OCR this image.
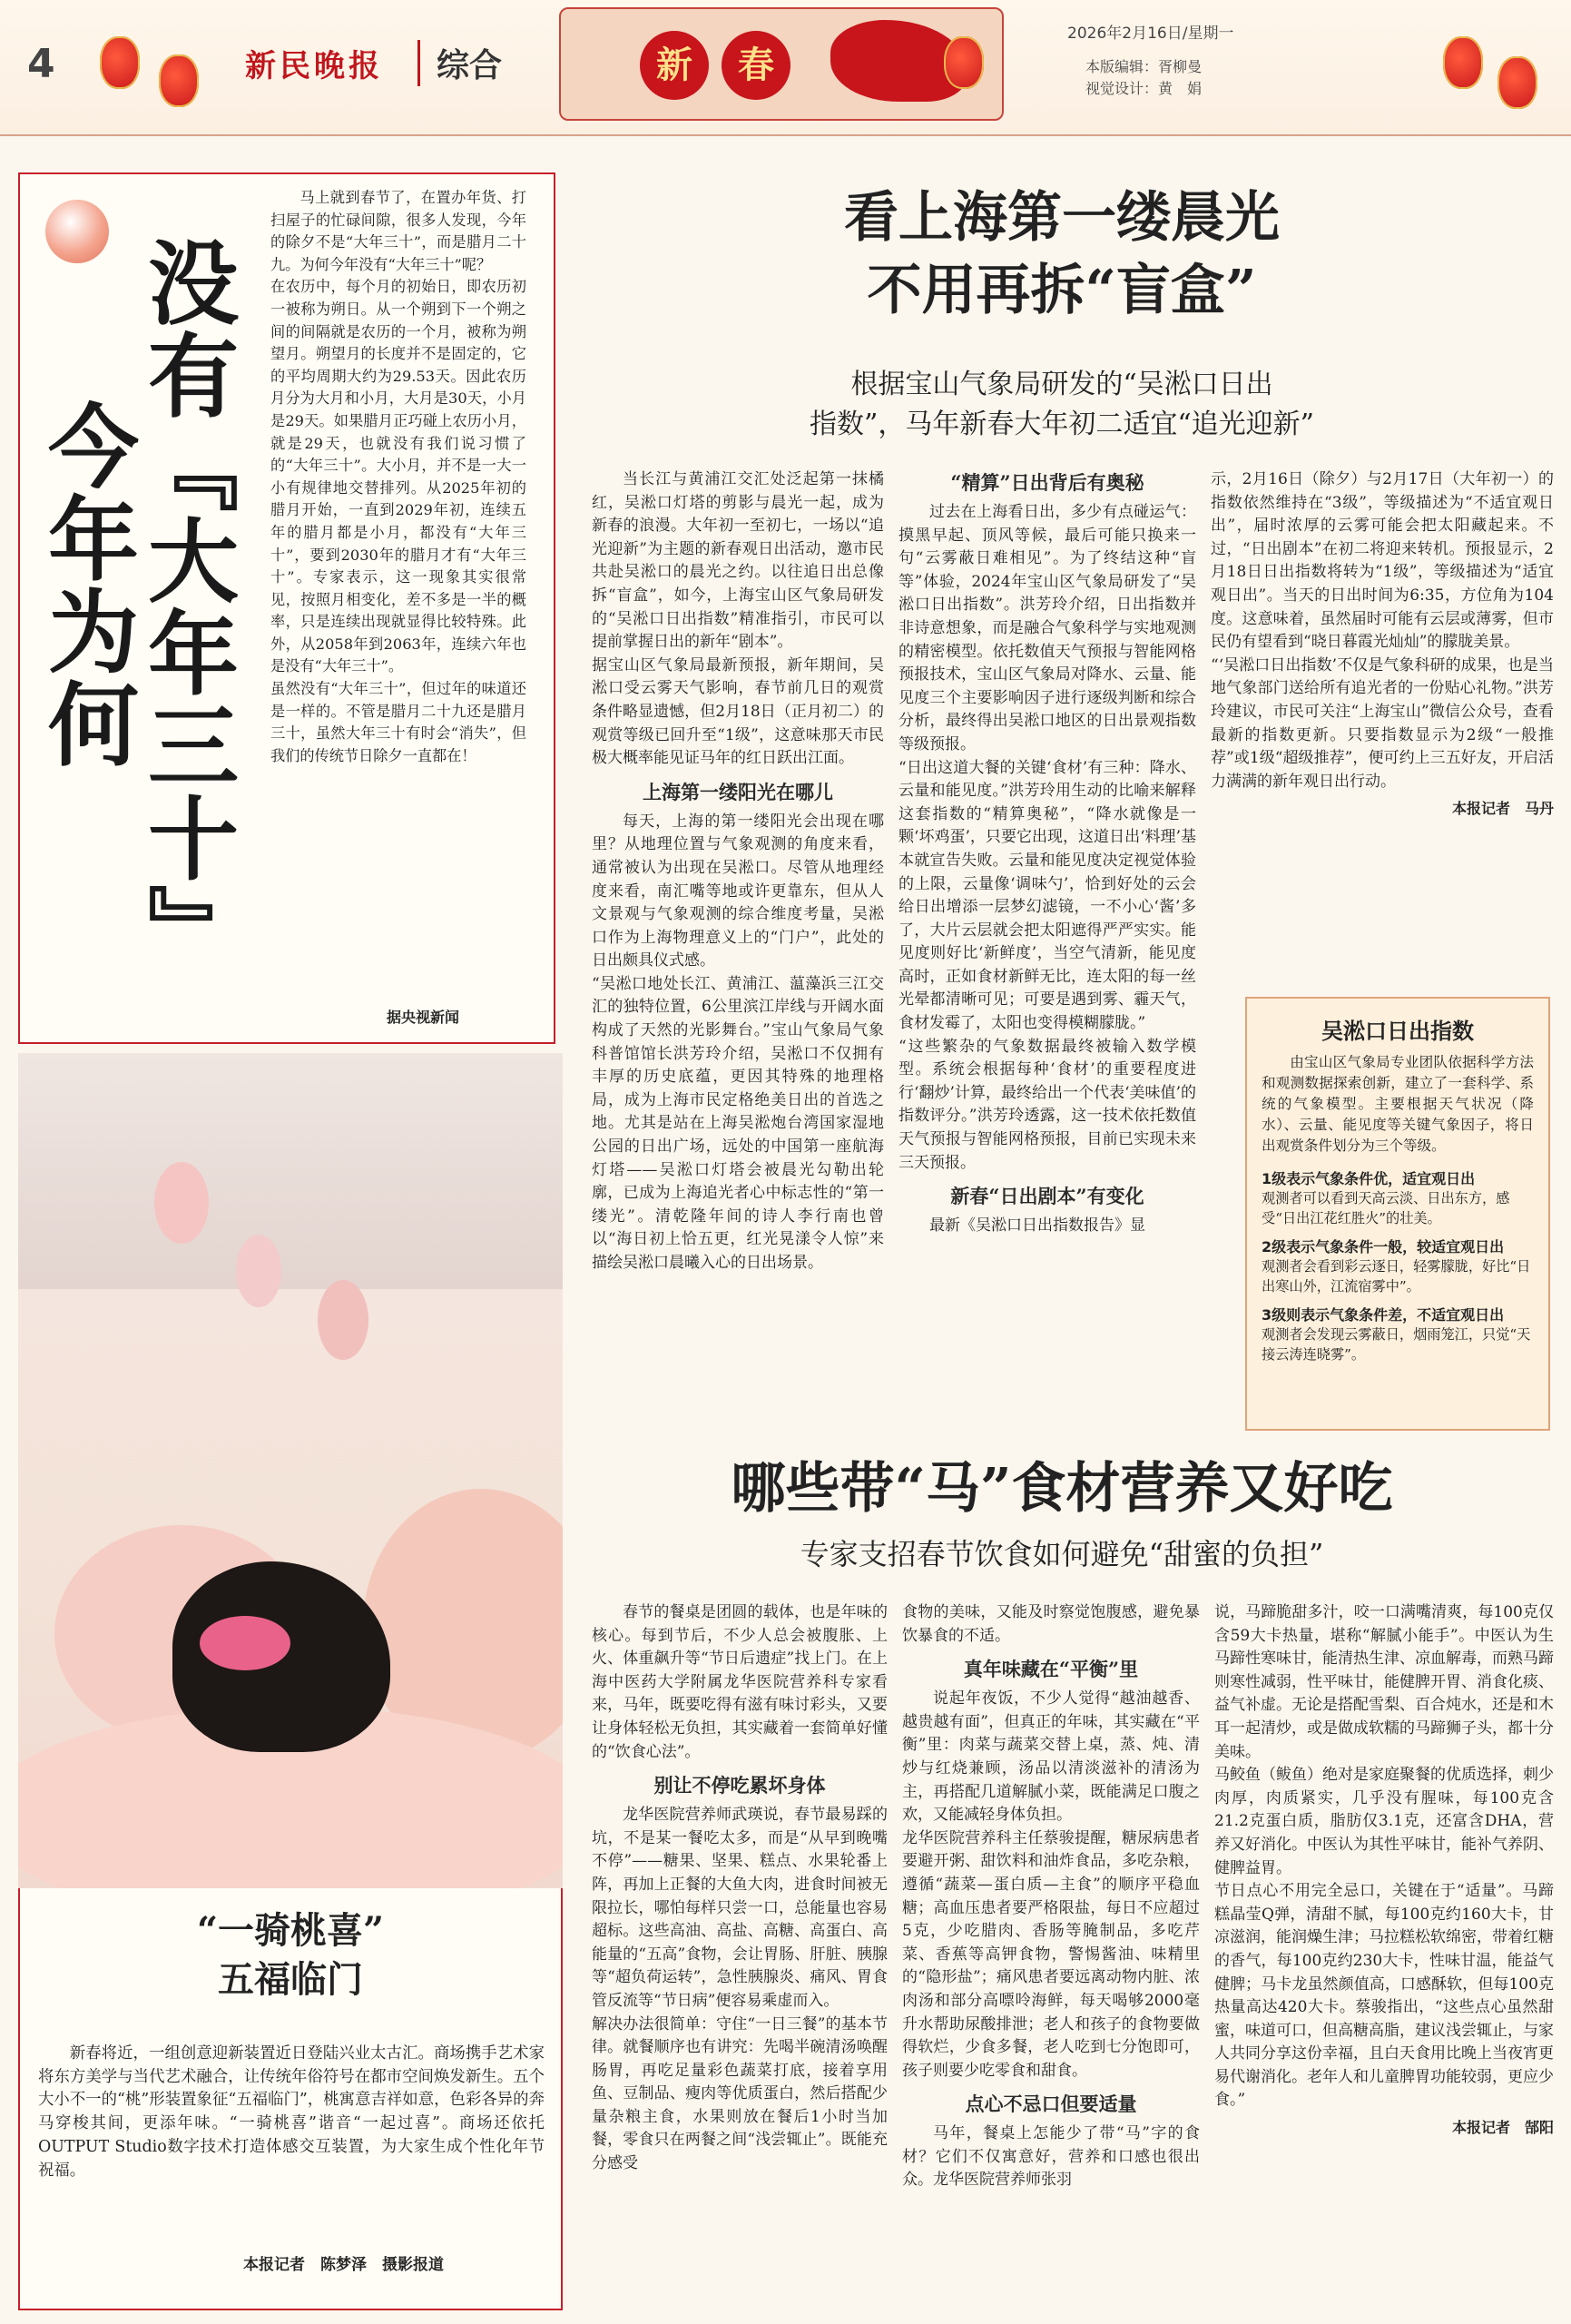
4	新民晚报	综合	新	春
2026年2月16日/星期一
本版编辑：胥柳曼
视觉设计：黄　娟
没有『大年三十』
今年为何
马上就到春节了，在置办年货、打扫屋子的忙碌间隙，很多人发现，今年的除夕不是“大年三十”，而是腊月二十九。为何今年没有“大年三十”呢？
在农历中，每个月的初始日，即农历初一被称为朔日。从一个朔到下一个朔之间的间隔就是农历的一个月，被称为朔望月。朔望月的长度并不是固定的，它的平均周期大约为29.53天。因此农历月分为大月和小月，大月是30天，小月是29天。如果腊月正巧碰上农历小月，就是29天，也就没有我们说习惯了的“大年三十”。大小月，并不是一大一小有规律地交替排列。从2025年初的腊月开始，一直到2029年初，连续五年的腊月都是小月，都没有“大年三十”，要到2030年的腊月才有“大年三十”。专家表示，这一现象其实很常见，按照月相变化，差不多是一半的概率，只是连续出现就显得比较特殊。此外，从2058年到2063年，连续六年也是没有“大年三十”。
虽然没有“大年三十”，但过年的味道还是一样的。不管是腊月二十九还是腊月三十，虽然大年三十有时会“消失”，但我们的传统节日除夕一直都在！
据央视新闻
“一骑桃喜”
五福临门
新春将近，一组创意迎新装置近日登陆兴业太古汇。商场携手艺术家将东方美学与当代艺术融合，让传统年俗符号在都市空间焕发新生。五个大小不一的“桃”形装置象征“五福临门”，桃寓意吉祥如意，色彩各异的奔马穿梭其间，更添年味。“一骑桃喜”谐音“一起过喜”。商场还依托OUTPUT Studio数字技术打造体感交互装置，为大家生成个性化年节祝福。
本报记者　陈梦泽　摄影报道
看上海第一缕晨光
不用再拆“盲盒”
根据宝山气象局研发的“吴淞口日出
指数”，马年新春大年初二适宜“追光迎新”
当长江与黄浦江交汇处泛起第一抹橘红，吴淞口灯塔的剪影与晨光一起，成为新春的浪漫。大年初一至初七，一场以“追光迎新”为主题的新春观日出活动，邀市民共赴吴淞口的晨光之约。以往追日出总像拆“盲盒”，如今，上海宝山区气象局研发的“吴淞口日出指数”精准指引，市民可以提前掌握日出的新年“剧本”。
据宝山区气象局最新预报，新年期间，吴淞口受云雾天气影响，春节前几日的观赏条件略显遗憾，但2月18日（正月初二）的观赏等级已回升至“1级”，这意味那天市民极大概率能见证马年的红日跃出江面。
上海第一缕阳光在哪儿
每天，上海的第一缕阳光会出现在哪里？从地理位置与气象观测的角度来看，通常被认为出现在吴淞口。尽管从地理经度来看，南汇嘴等地或许更靠东，但从人文景观与气象观测的综合维度考量，吴淞口作为上海物理意义上的“门户”，此处的日出颇具仪式感。
“吴淞口地处长江、黄浦江、蕰藻浜三江交汇的独特位置，6公里滨江岸线与开阔水面构成了天然的光影舞台。”宝山气象局气象科普馆馆长洪芳玲介绍，吴淞口不仅拥有丰厚的历史底蕴，更因其特殊的地理格局，成为上海市民定格绝美日出的首选之地。尤其是站在上海吴淞炮台湾国家湿地公园的日出广场，远处的中国第一座航海灯塔——吴淞口灯塔会被晨光勾勒出轮廓，已成为上海追光者心中标志性的“第一缕光”。清乾隆年间的诗人李行南也曾以“海日初上恰五更，红光晃漾令人惊”来描绘吴淞口晨曦入心的日出场景。
“精算”日出背后有奥秘
过去在上海看日出，多少有点碰运气：摸黑早起、顶风等候，最后可能只换来一句“云雾蔽日难相见”。为了终结这种“盲等”体验，2024年宝山区气象局研发了“吴淞口日出指数”。洪芳玲介绍，日出指数并非诗意想象，而是融合气象科学与实地观测的精密模型。依托数值天气预报与智能网格预报技术，宝山区气象局对降水、云量、能见度三个主要影响因子进行逐级判断和综合分析，最终得出吴淞口地区的日出景观指数等级预报。
“日出这道大餐的关键‘食材’有三种：降水、云量和能见度。”洪芳玲用生动的比喻来解释这套指数的“精算奥秘”，“降水就像是一颗‘坏鸡蛋’，只要它出现，这道日出‘料理’基本就宣告失败。云量和能见度决定视觉体验的上限，云量像‘调味勺’，恰到好处的云会给日出增添一层梦幻滤镜，一不小心‘酱’多了，大片云层就会把太阳遮得严严实实。能见度则好比‘新鲜度’，当空气清新，能见度高时，正如食材新鲜无比，连太阳的每一丝光晕都清晰可见；可要是遇到雾、霾天气，食材发霉了，太阳也变得模糊朦胧。”
“这些繁杂的气象数据最终被输入数学模型。系统会根据每种‘食材’的重要程度进行‘翻炒’计算，最终给出一个代表‘美味值’的指数评分。”洪芳玲透露，这一技术依托数值天气预报与智能网格预报，目前已实现未来三天预报。
新春“日出剧本”有变化
最新《吴淞口日出指数报告》显
示，2月16日（除夕）与2月17日（大年初一）的指数依然维持在“3级”，等级描述为“不适宜观日出”，届时浓厚的云雾可能会把太阳藏起来。不过，“日出剧本”在初二将迎来转机。预报显示，2月18日日出指数将转为“1级”，等级描述为“适宜观日出”。当天的日出时间为6:35，方位角为104度。这意味着，虽然届时可能有云层或薄雾，但市民仍有望看到“晓日暮霞光灿灿”的朦胧美景。
“‘吴淞口日出指数’不仅是气象科研的成果，也是当地气象部门送给所有追光者的一份贴心礼物。”洪芳玲建议，市民可关注“上海宝山”微信公众号，查看最新的指数更新。只要指数显示为2级“一般推荐”或1级“超级推荐”，便可约上三五好友，开启活力满满的新年观日出行动。
本报记者　马丹
吴淞口日出指数
由宝山区气象局专业团队依据科学方法和观测数据探索创新，建立了一套科学、系统的气象模型。主要根据天气状况（降水）、云量、能见度等关键气象因子，将日出观赏条件划分为三个等级。
1级表示气象条件优，适宜观日出
观测者可以看到天高云淡、日出东方，感受“日出江花红胜火”的壮美。
2级表示气象条件一般，较适宜观日出
观测者会看到彩云逐日，轻雾朦胧，好比“日出寒山外，江流宿雾中”。
3级则表示气象条件差，不适宜观日出
观测者会发现云雾蔽日，烟雨笼江，只觉“天接云涛连晓雾”。
哪些带“马”食材营养又好吃
专家支招春节饮食如何避免“甜蜜的负担”
春节的餐桌是团圆的载体，也是年味的核心。每到节后，不少人总会被腹胀、上火、体重飙升等“节日后遗症”找上门。在上海中医药大学附属龙华医院营养科专家看来，马年，既要吃得有滋有味讨彩头，又要让身体轻松无负担，其实藏着一套简单好懂的“饮食心法”。
别让不停吃累坏身体
龙华医院营养师武瑛说，春节最易踩的坑，不是某一餐吃太多，而是“从早到晚嘴不停”——糖果、坚果、糕点、水果轮番上阵，再加上正餐的大鱼大肉，进食时间被无限拉长，哪怕每样只尝一口，总能量也容易超标。这些高油、高盐、高糖、高蛋白、高能量的“五高”食物，会让胃肠、肝脏、胰腺等“超负荷运转”，急性胰腺炎、痛风、胃食管反流等“节日病”便容易乘虚而入。
解决办法很简单：守住“一日三餐”的基本节律。就餐顺序也有讲究：先喝半碗清汤唤醒肠胃，再吃足量彩色蔬菜打底，接着享用鱼、豆制品、瘦肉等优质蛋白，然后搭配少量杂粮主食，水果则放在餐后1小时当加餐，零食只在两餐之间“浅尝辄止”。既能充分感受
食物的美味，又能及时察觉饱腹感，避免暴饮暴食的不适。
真年味藏在“平衡”里
说起年夜饭，不少人觉得“越油越香、越贵越有面”，但真正的年味，其实藏在“平衡”里：肉菜与蔬菜交替上桌，蒸、炖、清炒与红烧兼顾，汤品以清淡滋补的清汤为主，再搭配几道解腻小菜，既能满足口腹之欢，又能减轻身体负担。
龙华医院营养科主任蔡骏提醒，糖尿病患者要避开粥、甜饮料和油炸食品，多吃杂粮，遵循“蔬菜—蛋白质—主食”的顺序平稳血糖；高血压患者要严格限盐，每日不应超过5克，少吃腊肉、香肠等腌制品，多吃芹菜、香蕉等高钾食物，警惕酱油、味精里的“隐形盐”；痛风患者要远离动物内脏、浓肉汤和部分高嘌呤海鲜，每天喝够2000毫升水帮助尿酸排泄；老人和孩子的食物要做得软烂，少食多餐，老人吃到七分饱即可，孩子则要少吃零食和甜食。
点心不忌口但要适量
马年，餐桌上怎能少了带“马”字的食材？它们不仅寓意好，营养和口感也很出众。龙华医院营养师张羽
说，马蹄脆甜多汁，咬一口满嘴清爽，每100克仅含59大卡热量，堪称“解腻小能手”。中医认为生马蹄性寒味甘，能清热生津、凉血解毒，而熟马蹄则寒性减弱，性平味甘，能健脾开胃、消食化痰、益气补虚。无论是搭配雪梨、百合炖水，还是和木耳一起清炒，或是做成软糯的马蹄狮子头，都十分美味。
马鲛鱼（鲅鱼）绝对是家庭聚餐的优质选择，刺少肉厚，肉质紧实，几乎没有腥味，每100克含21.2克蛋白质，脂肪仅3.1克，还富含DHA，营养又好消化。中医认为其性平味甘，能补气养阴、健脾益胃。
节日点心不用完全忌口，关键在于“适量”。马蹄糕晶莹Q弹，清甜不腻，每100克约160大卡，甘凉滋润，能润燥生津；马拉糕松软绵密，带着红糖的香气，每100克约230大卡，性味甘温，能益气健脾；马卡龙虽然颜值高，口感酥软，但每100克热量高达420大卡。蔡骏指出，“这些点心虽然甜蜜，味道可口，但高糖高脂，建议浅尝辄止，与家人共同分享这份幸福，且白天食用比晚上当夜宵更易代谢消化。老年人和儿童脾胃功能较弱，更应少食。”
本报记者　郜阳
